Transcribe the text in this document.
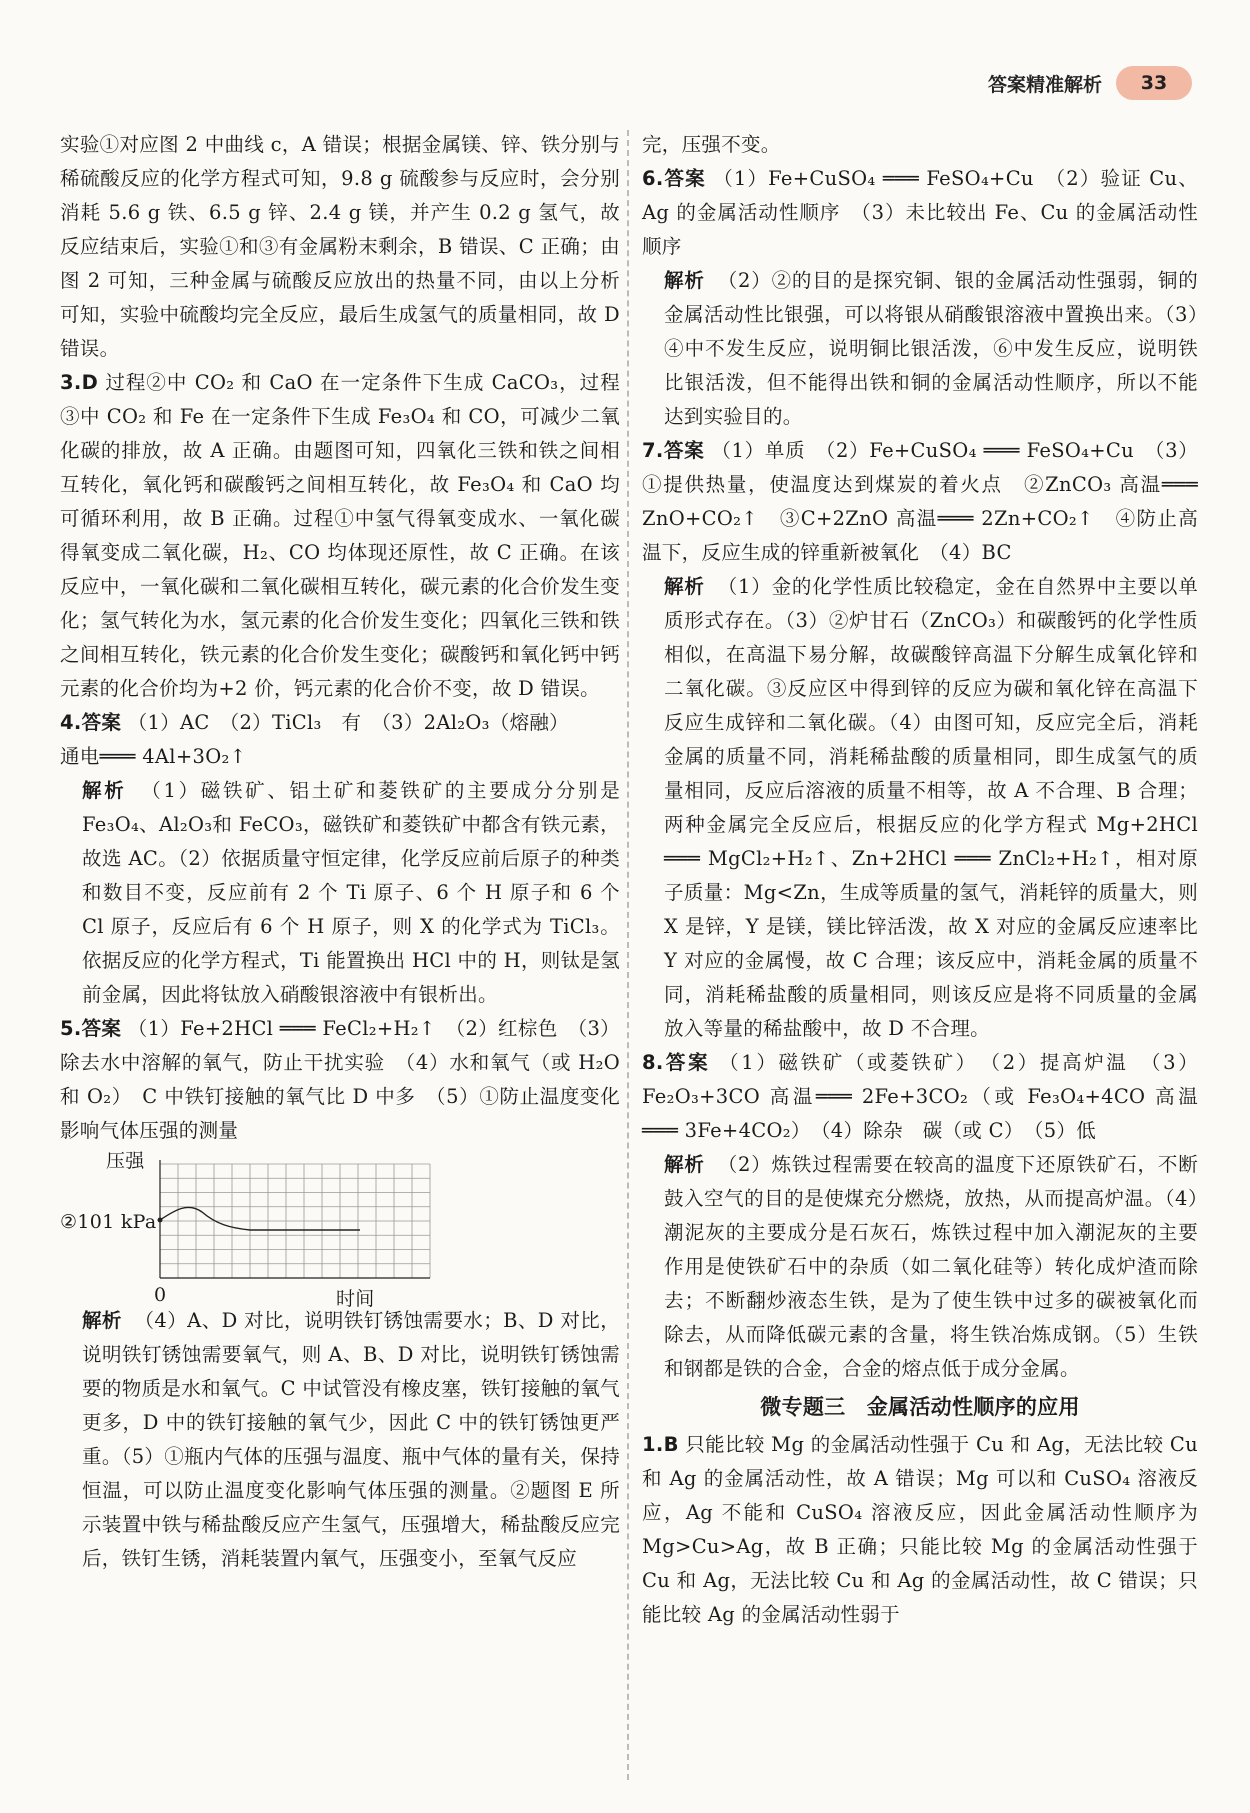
答案精准解析	33

实验①对应图 2 中曲线 c，A 错误；根据金属镁、锌、铁分别与稀硫酸反应的化学方程式可知，9.8 g 硫酸参与反应时，会分别消耗 5.6 g 铁、6.5 g 锌、2.4 g 镁，并产生 0.2 g 氢气，故反应结束后，实验①和③有金属粉末剩余，B 错误、C 正确；由图 2 可知，三种金属与硫酸反应放出的热量不同，由以上分析可知，实验中硫酸均完全反应，最后生成氢气的质量相同，故 D 错误。

3.D 过程②中 CO₂ 和 CaO 在一定条件下生成 CaCO₃，过程③中 CO₂ 和 Fe 在一定条件下生成 Fe₃O₄ 和 CO，可减少二氧化碳的排放，故 A 正确。由题图可知，四氧化三铁和铁之间相互转化，氧化钙和碳酸钙之间相互转化，故 Fe₃O₄ 和 CaO 均可循环利用，故 B 正确。过程①中氢气得氧变成水、一氧化碳得氧变成二氧化碳，H₂、CO 均体现还原性，故 C 正确。在该反应中，一氧化碳和二氧化碳相互转化，碳元素的化合价发生变化；氢气转化为水，氢元素的化合价发生变化；四氧化三铁和铁之间相互转化，铁元素的化合价发生变化；碳酸钙和氧化钙中钙元素的化合价均为+2 价，钙元素的化合价不变，故 D 错误。

4.答案 （1）AC　（2）TiCl₃　有　（3）2Al₂O₃（熔融）

通电═══ 4Al+3O₂↑

解析 （1）磁铁矿、铝土矿和菱铁矿的主要成分分别是 Fe₃O₄、Al₂O₃和 FeCO₃，磁铁矿和菱铁矿中都含有铁元素，故选 AC。（2）依据质量守恒定律，化学反应前后原子的种类和数目不变，反应前有 2 个 Ti 原子、6 个 H 原子和 6 个 Cl 原子，反应后有 6 个 H 原子，则 X 的化学式为 TiCl₃。依据反应的化学方程式，Ti 能置换出 HCl 中的 H，则钛是氢前金属，因此将钛放入硝酸银溶液中有银析出。

5.答案 （1）Fe+2HCl ═══ FeCl₂+H₂↑　（2）红棕色　（3）除去水中溶解的氧气，防止干扰实验　（4）水和氧气（或 H₂O 和 O₂）　C 中铁钉接触的氧气比 D 中多　（5）①防止温度变化影响气体压强的测量

压强
②101 kPa
0	时间

解析 （4）A、D 对比，说明铁钉锈蚀需要水；B、D 对比，说明铁钉锈蚀需要氧气，则 A、B、D 对比，说明铁钉锈蚀需要的物质是水和氧气。C 中试管没有橡皮塞，铁钉接触的氧气更多，D 中的铁钉接触的氧气少，因此 C 中的铁钉锈蚀更严重。（5）①瓶内气体的压强与温度、瓶中气体的量有关，保持恒温，可以防止温度变化影响气体压强的测量。②题图 E 所示装置中铁与稀盐酸反应产生氢气，压强增大，稀盐酸反应完后，铁钉生锈，消耗装置内氧气，压强变小，至氧气反应

完，压强不变。

6.答案 （1）Fe+CuSO₄ ═══ FeSO₄+Cu　（2）验证 Cu、Ag 的金属活动性顺序　（3）未比较出 Fe、Cu 的金属活动性顺序

解析 （2）②的目的是探究铜、银的金属活动性强弱，铜的金属活动性比银强，可以将银从硝酸银溶液中置换出来。（3）④中不发生反应，说明铜比银活泼，⑥中发生反应，说明铁比银活泼，但不能得出铁和铜的金属活动性顺序，所以不能达到实验目的。

7.答案 （1）单质　（2）Fe+CuSO₄ ═══ FeSO₄+Cu　（3）①提供热量，使温度达到煤炭的着火点　②ZnCO₃ 高温═══ ZnO+CO₂↑　③C+2ZnO 高温═══ 2Zn+CO₂↑　④防止高温下，反应生成的锌重新被氧化　（4）BC

解析 （1）金的化学性质比较稳定，金在自然界中主要以单质形式存在。（3）②炉甘石（ZnCO₃）和碳酸钙的化学性质相似，在高温下易分解，故碳酸锌高温下分解生成氧化锌和二氧化碳。③反应区中得到锌的反应为碳和氧化锌在高温下反应生成锌和二氧化碳。（4）由图可知，反应完全后，消耗金属的质量不同，消耗稀盐酸的质量相同，即生成氢气的质量相同，反应后溶液的质量不相等，故 A 不合理、B 合理；两种金属完全反应后，根据反应的化学方程式 Mg+2HCl ═══ MgCl₂+H₂↑、Zn+2HCl ═══ ZnCl₂+H₂↑，相对原子质量：Mg<Zn，生成等质量的氢气，消耗锌的质量大，则 X 是锌，Y 是镁，镁比锌活泼，故 X 对应的金属反应速率比 Y 对应的金属慢，故 C 合理；该反应中，消耗金属的质量不同，消耗稀盐酸的质量相同，则该反应是将不同质量的金属放入等量的稀盐酸中，故 D 不合理。

8.答案 （1）磁铁矿（或菱铁矿）　（2）提高炉温　（3）Fe₂O₃+3CO 高温═══ 2Fe+3CO₂（或 Fe₃O₄+4CO 高温═══ 3Fe+4CO₂）　（4）除杂　碳（或 C）　（5）低

解析 （2）炼铁过程需要在较高的温度下还原铁矿石，不断鼓入空气的目的是使煤充分燃烧，放热，从而提高炉温。（4）潮泥灰的主要成分是石灰石，炼铁过程中加入潮泥灰的主要作用是使铁矿石中的杂质（如二氧化硅等）转化成炉渣而除去；不断翻炒液态生铁，是为了使生铁中过多的碳被氧化而除去，从而降低碳元素的含量，将生铁冶炼成钢。（5）生铁和钢都是铁的合金，合金的熔点低于成分金属。

微专题三　金属活动性顺序的应用

1.B 只能比较 Mg 的金属活动性强于 Cu 和 Ag，无法比较 Cu 和 Ag 的金属活动性，故 A 错误；Mg 可以和 CuSO₄ 溶液反应，Ag 不能和 CuSO₄ 溶液反应，因此金属活动性顺序为 Mg>Cu>Ag，故 B 正确；只能比较 Mg 的金属活动性强于 Cu 和 Ag，无法比较 Cu 和 Ag 的金属活动性，故 C 错误；只能比较 Ag 的金属活动性弱于
